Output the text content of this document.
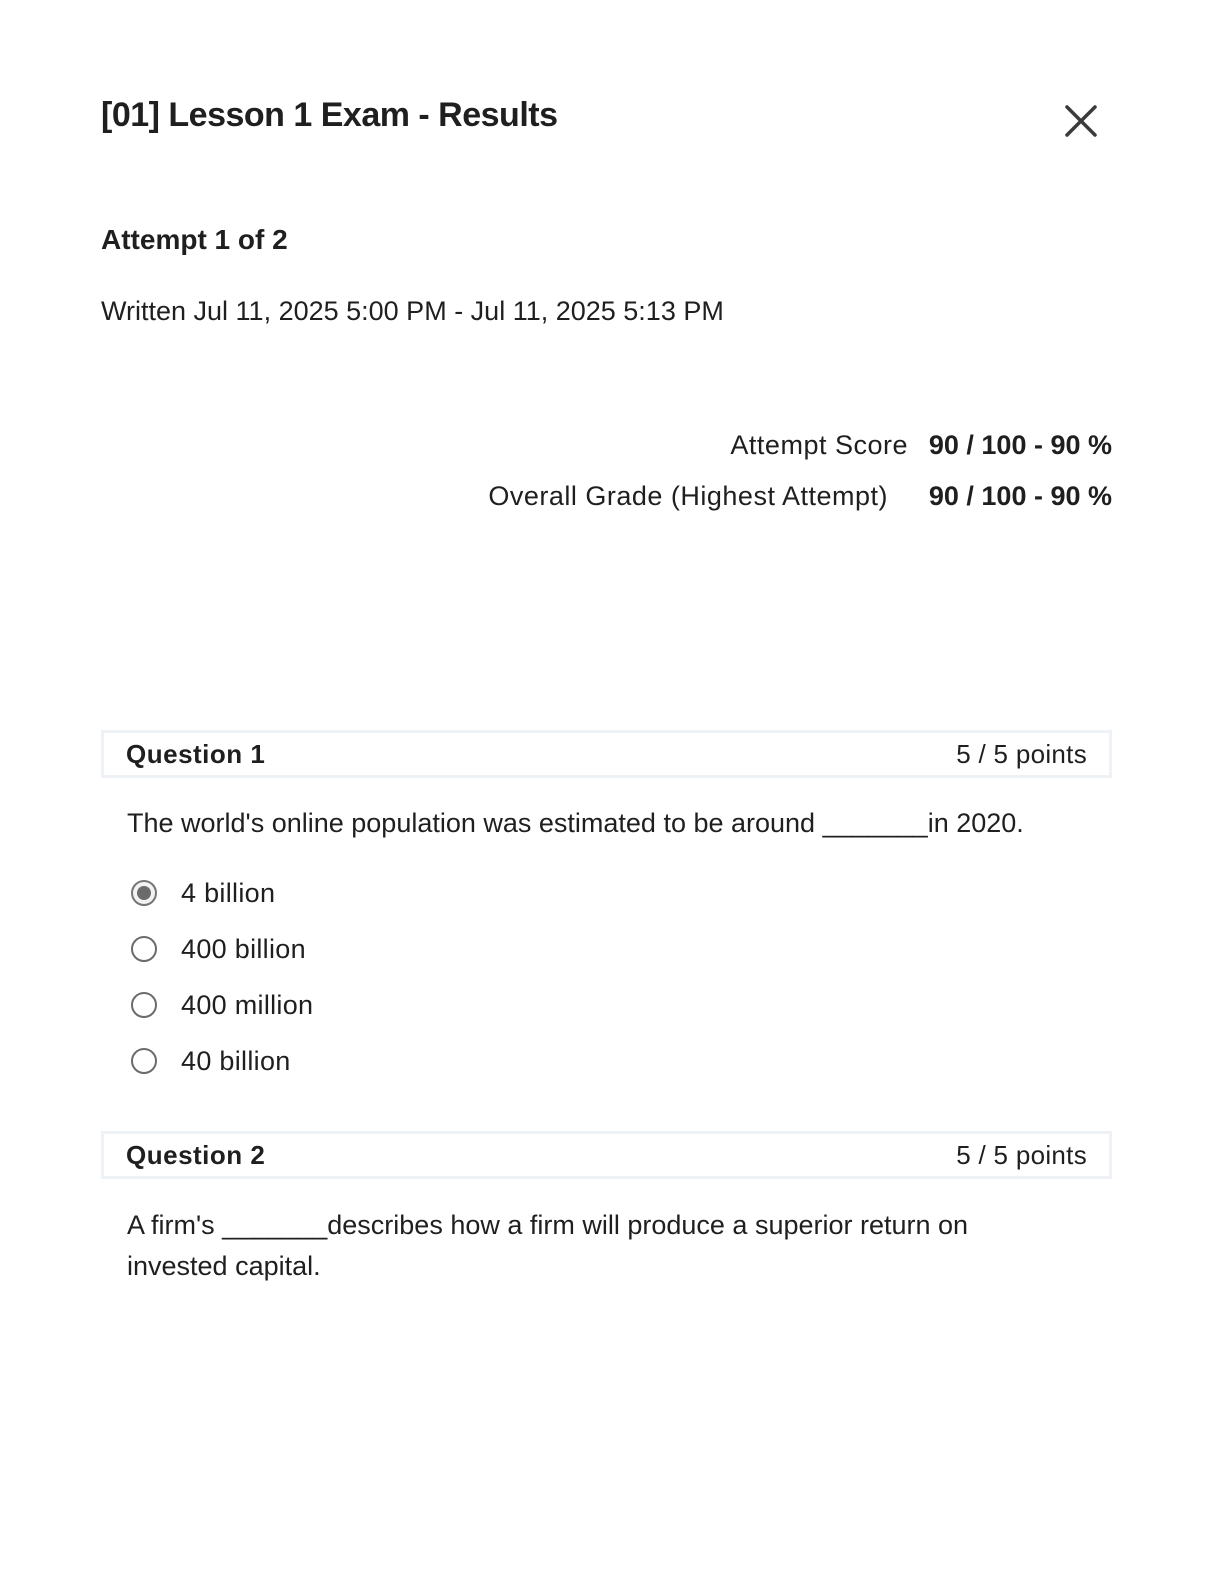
[01] Lesson 1 Exam - Results
Attempt 1 of 2
Written Jul 11, 2025 5:00 PM - Jul 11, 2025 5:13 PM
Attempt Score 90 / 100 - 90 %
Overall Grade (Highest Attempt)	90 / 100 - 90 %
Question 1	5 / 5 points

The world's online population was estimated to be around _______in 2020.

4 billion
400 billion
400 million
40 billion
Question 2	5 / 5 points

A firm's _______describes how a firm will produce a superior return on
invested capital.
